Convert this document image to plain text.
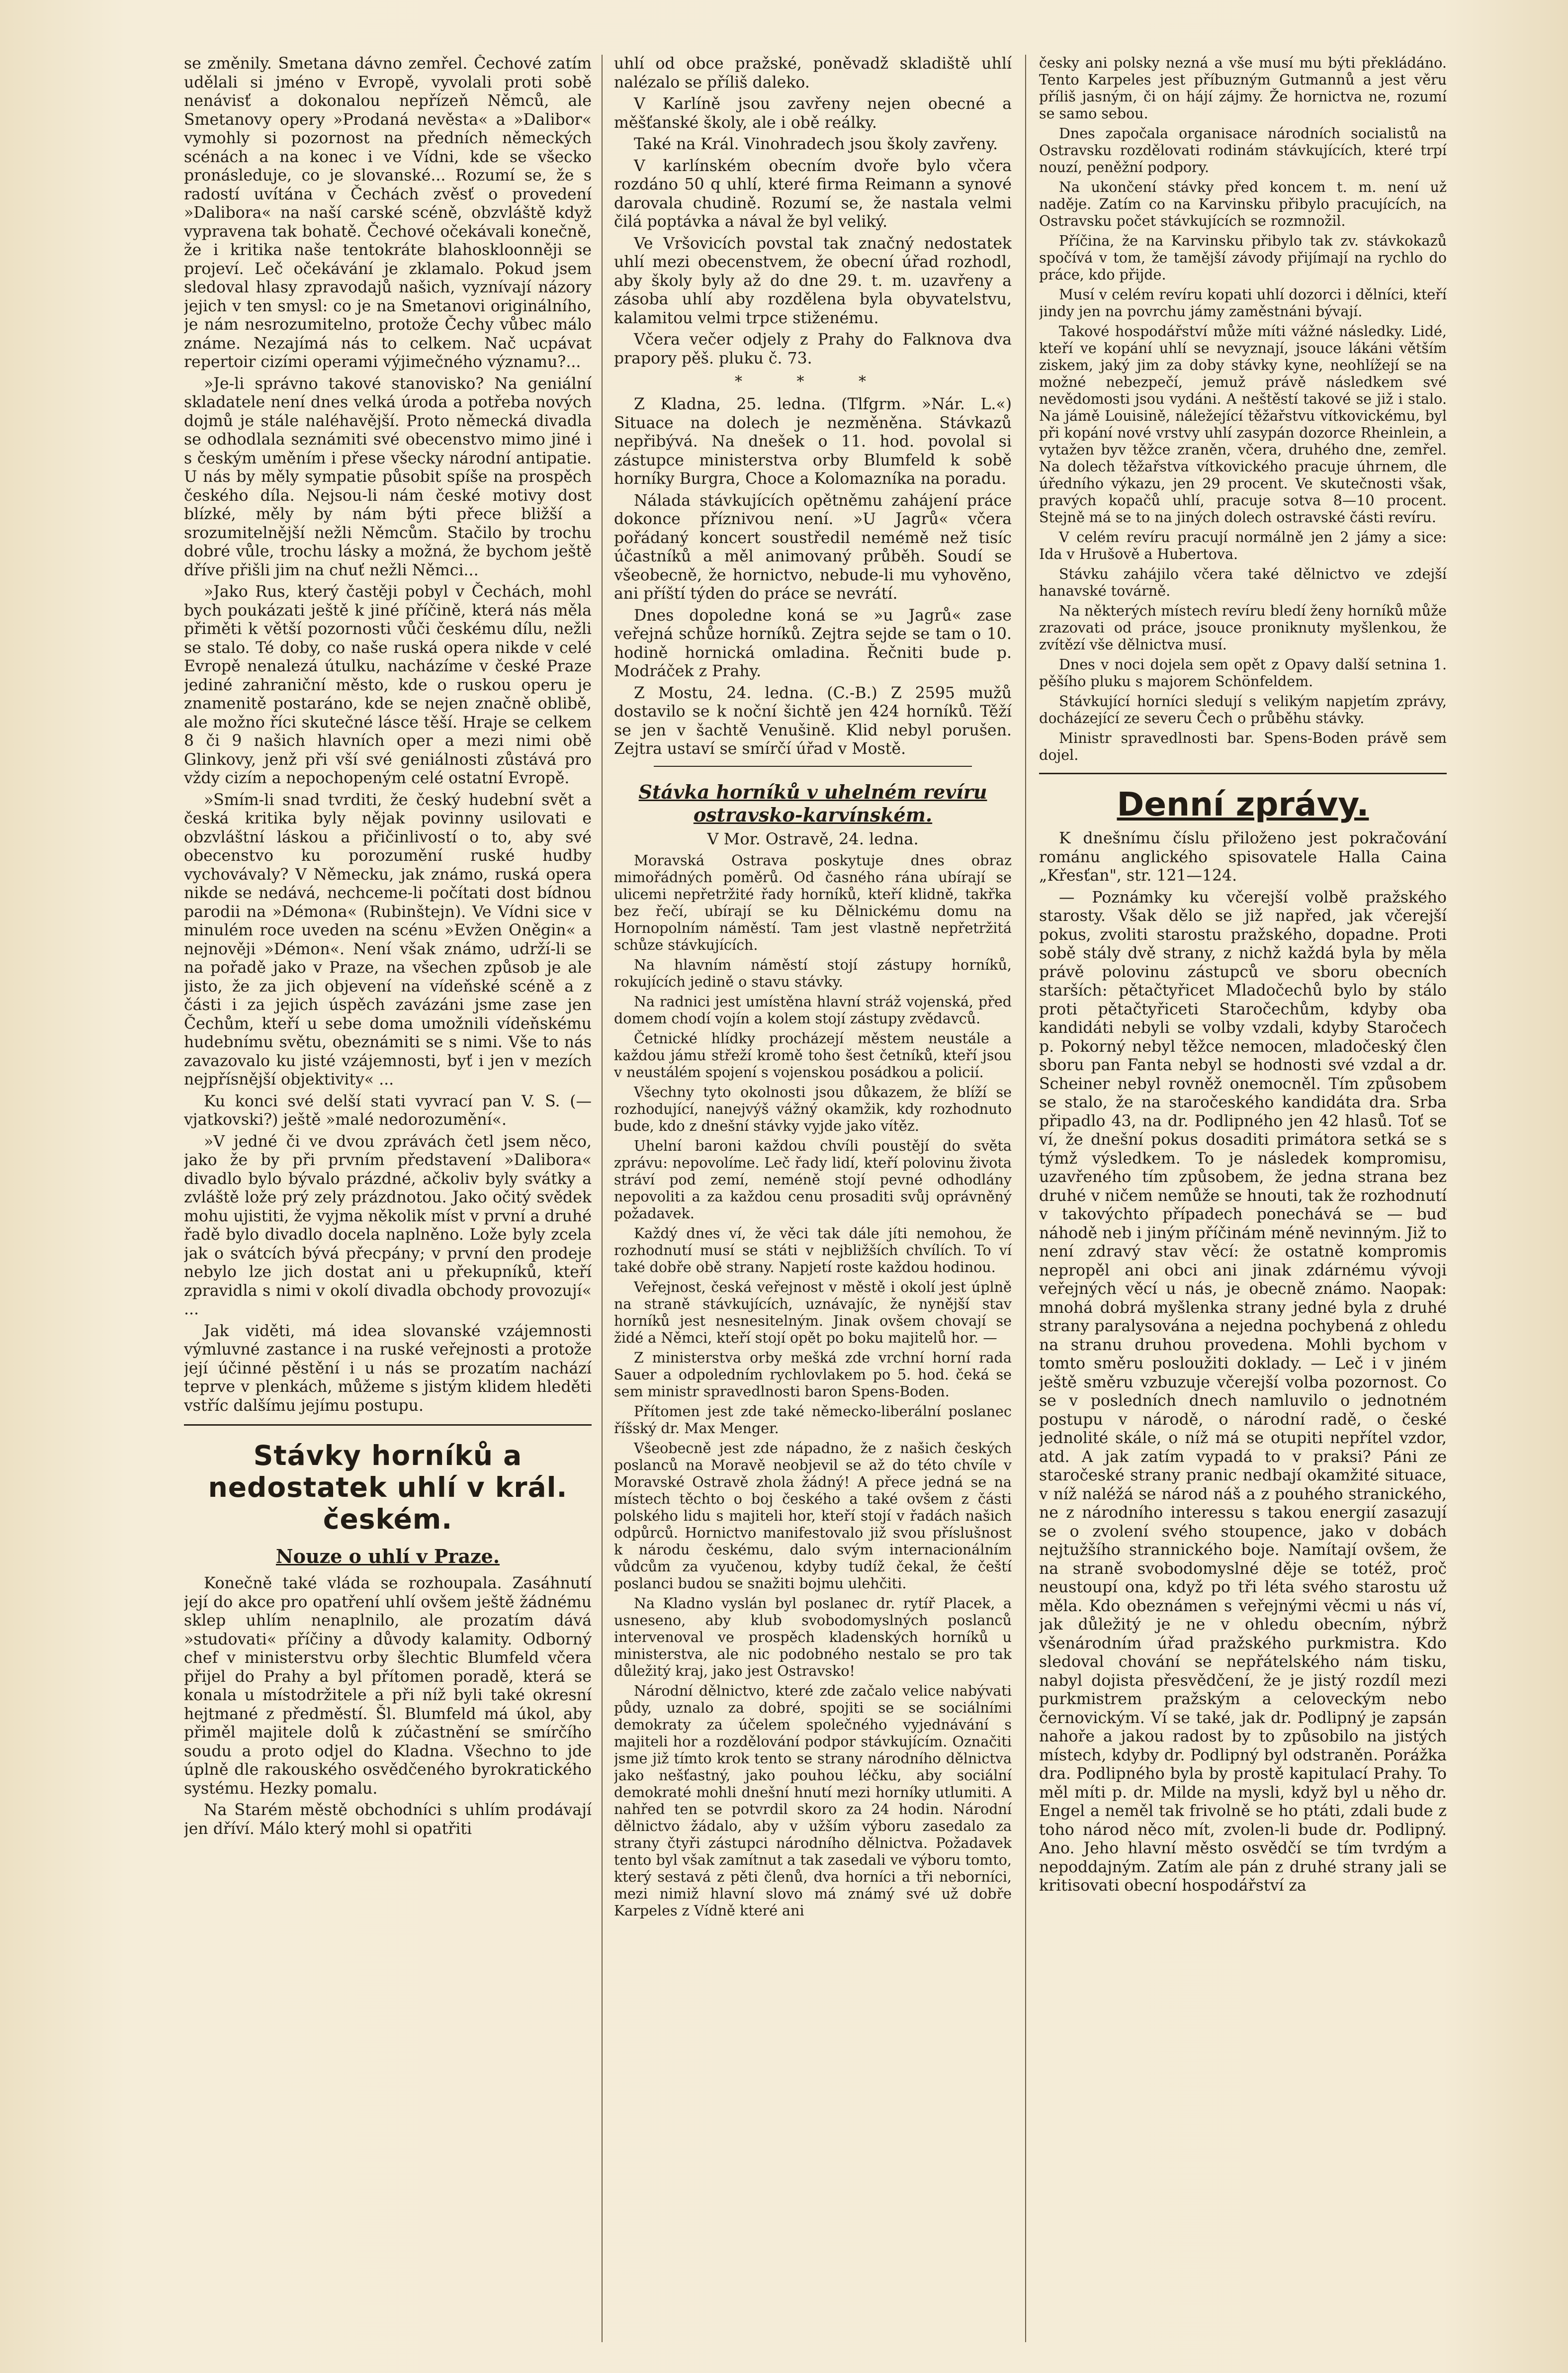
se změnily. Smetana dávno zemřel. Čechové zatím udělali si jméno v Evropě, vyvolali proti sobě nenávisť a dokonalou nepřízeň Němců, ale Smetanovy opery »Prodaná nevěsta« a »Dalibor« vymohly si pozornost na předních německých scénách a na konec i ve Vídni, kde se všecko pronásleduje, co je slovanské... Rozumí se, že s radostí uvítána v Čechách zvěsť o provedení »Dalibora« na naší carské scéně, obzvláště když vypravena tak bohatě. Čechové očekávali konečně, že i kritika naše tentokráte blahoskloonněji se projeví. Leč očekávání je zklamalo. Pokud jsem sledoval hlasy zpravodajů našich, vyznívají názory jejich v ten smysl: co je na Smetanovi originálního, je nám nesrozumitelno, protože Čechy vůbec málo známe. Nezajímá nás to celkem. Nač ucpávat repertoir cizími operami výjimečného významu?...

»Je-li správno takové stanovisko? Na geniální skladatele není dnes velká úroda a potřeba nových dojmů je stále naléhavější. Proto německá divadla se odhodlala seznámiti své obecenstvo mimo jiné i s českým uměním i přese všecky národní antipatie. U nás by měly sympatie působit spíše na prospěch českého díla. Nejsou-li nám české motivy dost blízké, měly by nám býti přece bližší a srozumitelnější nežli Němcům. Stačilo by trochu dobré vůle, trochu lásky a možná, že bychom ještě dříve přišli jim na chuť nežli Němci...

»Jako Rus, který častěji pobyl v Čechách, mohl bych poukázati ještě k jiné příčině, která nás měla přiměti k větší pozornosti vůči českému dílu, nežli se stalo. Té doby, co naše ruská opera nikde v celé Evropě nenalezá útulku, nacházíme v české Praze jediné zahraniční město, kde o ruskou operu je znamenitě postaráno, kde se nejen značně oblibě, ale možno říci skutečné lásce těší. Hraje se celkem 8 či 9 našich hlavních oper a mezi nimi obě Glinkovy, jenž při vší své geniálnosti zůstává pro vždy cizím a nepochopeným celé ostatní Evropě.

»Smím-li snad tvrditi, že český hudební svět a česká kritika byly nějak povinny usilovati e obzvláštní láskou a přičinlivostí o to, aby své obecenstvo ku porozumění ruské hudby vychovávaly? V Německu, jak známo, ruská opera nikde se nedává, nechceme-li počítati dost bídnou parodii na »Démona« (Rubinštejn). Ve Vídni sice v minulém roce uveden na scénu »Evžen Oněgin« a nejnověji »Démon«. Není však známo, udrží-li se na pořadě jako v Praze, na všechen způsob je ale jisto, že za jich objevení na vídeňské scéně a z části i za jejich úspěch zavázáni jsme zase jen Čechům, kteří u sebe doma umožnili vídeňskému hudebnímu světu, obeznámiti se s nimi. Vše to nás zavazovalo ku jisté vzájemnosti, byť i jen v mezích nejpřísnější objektivity« ...

Ku konci své delší stati vyvrací pan V. S. (—vjatkovski?) ještě »malé nedorozumění«.

»V jedné či ve dvou zprávách četl jsem něco, jako že by při prvním představení »Dalibora« divadlo bylo bývalo prázdné, ačkoliv byly svátky a zvláště lože prý zely prázdnotou. Jako očitý svědek mohu ujistiti, že vyjma několik míst v první a druhé řadě bylo divadlo docela naplněno. Lože byly zcela jak o svátcích bývá přecpány; v první den prodeje nebylo lze jich dostat ani u překupníků, kteří zpravidla s nimi v okolí divadla obchody provozují« ...

Jak viděti, má idea slovanské vzájemnosti výmluvné zastance i na ruské veřejnosti a protože její účinné pěstění i u nás se prozatím nachází teprve v plenkách, můžeme s jistým klidem hleděti vstříc dalšímu jejímu postupu.

Stávky horníků a nedostatek uhlí v král. českém.
Nouze o uhlí v Praze.

Konečně také vláda se rozhoupala. Zasáhnutí její do akce pro opatření uhlí ovšem ještě žádnému sklep uhlím nenaplnilo, ale prozatím dává »studovati« příčiny a důvody kalamity. Odborný chef v ministerstvu orby šlechtic Blumfeld včera přijel do Prahy a byl přítomen poradě, která se konala u místodržitele a při níž byli také okresní hejtmané z předměstí. Šl. Blumfeld má úkol, aby přiměl majitele dolů k zúčastnění se smírčího soudu a proto odjel do Kladna. Všechno to jde úplně dle rakouského osvědčeného byrokratického systému. Hezky pomalu.

Na Starém městě obchodníci s uhlím prodávají jen dříví. Málo který mohl si opatřiti

uhlí od obce pražské, poněvadž skladiště uhlí nalézalo se příliš daleko.

V Karlíně jsou zavřeny nejen obecné a měšťanské školy, ale i obě reálky.

Také na Král. Vinohradech jsou školy zavřeny.

V karlínském obecním dvoře bylo včera rozdáno 50 q uhlí, které firma Reimann a synové darovala chudině. Rozumí se, že nastala velmi čilá poptávka a nával že byl veliký.

Ve Vršovicích povstal tak značný nedostatek uhlí mezi obecenstvem, že obecní úřad rozhodl, aby školy byly až do dne 29. t. m. uzavřeny a zásoba uhlí aby rozdělena byla obyvatelstvu, kalamitou velmi trpce stiženému.

Včera večer odjely z Prahy do Falknova dva prapory pěš. pluku č. 73.

* * *

Z Kladna, 25. ledna. (Tlfgrm. »Nár. L.«) Situace na dolech je nezměněna. Stávkazů nepřibývá. Na dnešek o 11. hod. povolal si zástupce ministerstva orby Blumfeld k sobě horníky Burgra, Choce a Kolomazníka na poradu.

Nálada stávkujících opětněmu zahájení práce dokonce příznivou není. »U Jagrů« včera pořádaný koncert soustředil nemémě než tisíc účastníků a měl animovaný průběh. Soudí se všeobecně, že hornictvo, nebude-li mu vyhověno, ani příští týden do práce se nevrátí.

Dnes dopoledne koná se »u Jagrů« zase veřejná schůze horníků. Zejtra sejde se tam o 10. hodině hornická omladina. Řečniti bude p. Modráček z Prahy.

Z Mostu, 24. ledna. (C.-B.) Z 2595 mužů dostavilo se k noční šichtě jen 424 horníků. Těží se jen v šachtě Venušině. Klid nebyl porušen. Zejtra ustaví se smírčí úřad v Mostě.

Stávka horníků v uhelném revíru ostravsko-karvínském.
V Mor. Ostravě, 24. ledna.

Moravská Ostrava poskytuje dnes obraz mimořádných poměrů. Od časného rána ubírají se ulicemi nepřetržité řady horníků, kteří klidně, takřka bez řečí, ubírají se ku Dělnickému domu na Hornopolním náměstí. Tam jest vlastně nepřetržitá schůze stávkujících.

Na hlavním náměstí stojí zástupy horníků, rokujících jedině o stavu stávky.

Na radnici jest umístěna hlavní stráž vojenská, před domem chodí vojín a kolem stojí zástupy zvědavců.

Četnické hlídky procházejí městem neustále a každou jámu střeží kromě toho šest četníků, kteří jsou v neustálém spojení s vojenskou posádkou a policií.

Všechny tyto okolnosti jsou důkazem, že blíží se rozhodující, nanejvýš vážný okamžik, kdy rozhodnuto bude, kdo z dnešní stávky vyjde jako vítěz.

Uhelní baroni každou chvíli poustějí do světa zprávu: nepovolíme. Leč řady lidí, kteří polovinu života stráví pod zemí, neméně stojí pevné odhodlány nepovoliti a za každou cenu prosaditi svůj oprávněný požadavek.

Každý dnes ví, že věci tak dále jíti nemohou, že rozhodnutí musí se státi v nejbližších chvílích. To ví také dobře obě strany. Napjetí roste každou hodinou.

Veřejnost, česká veřejnost v městě i okolí jest úplně na straně stávkujících, uznávajíc, že nynější stav horníků jest nesnesitelným. Jinak ovšem chovají se židé a Němci, kteří stojí opět po boku majitelů hor. —

Z ministerstva orby mešká zde vrchní horní rada Sauer a odpoledním rychlovlakem po 5. hod. čeká se sem ministr spravedlnosti baron Spens-Boden.

Přítomen jest zde také německo-liberální poslanec říšský dr. Max Menger.

Všeobecně jest zde nápadno, že z našich českých poslanců na Moravě neobjevil se až do této chvíle v Moravské Ostravě zhola žádný! A přece jedná se na místech těchto o boj českého a také ovšem z části polského lidu s majiteli hor, kteří stojí v řadách našich odpůrců. Hornictvo manifestovalo již svou příslušnost k národu českému, dalo svým internacionálním vůdcům za vyučenou, kdyby tudíž čekal, že čeští poslanci budou se snažiti bojmu ulehčiti.

Na Kladno vyslán byl poslanec dr. rytíř Placek, a usneseno, aby klub svobodomyslných poslanců intervenoval ve prospěch kladenských horníků u ministerstva, ale nic podobného nestalo se pro tak důležitý kraj, jako jest Ostravsko!

Národní dělnictvo, které zde začalo velice nabývati půdy, uznalo za dobré, spojiti se se sociálními demokraty za účelem společného vyjednávání s majiteli hor a rozdělování podpor stávkujícím. Označiti jsme již tímto krok tento se strany národního dělnictva jako nešťastný, jako pouhou léčku, aby sociální demokraté mohli dnešní hnutí mezi horníky utlumiti. A nahřed ten se potvrdil skoro za 24 hodin. Národní dělnictvo žádalo, aby v užším výboru zasedalo za strany čtyři zástupci národního dělnictva. Požadavek tento byl však zamítnut a tak zasedali ve výboru tomto, který sestavá z pěti členů, dva horníci a tři neborníci, mezi nimiž hlavní slovo má známý své už dobře Karpeles z Vídně které ani

česky ani polsky nezná a vše musí mu býti překládáno. Tento Karpeles jest příbuzným Gutmannů a jest věru příliš jasným, či on hájí zájmy. Že hornictva ne, rozumí se samo sebou.

Dnes započala organisace národních socialistů na Ostravsku rozdělovati rodinám stávkujících, které trpí nouzí, peněžní podpory.

Na ukončení stávky před koncem t. m. není už naděje. Zatím co na Karvinsku přibylo pracujících, na Ostravsku počet stávkujících se rozmnožil.

Příčina, že na Karvinsku přibylo tak zv. stávkokazů spočívá v tom, že tamější závody přijímají na rychlo do práce, kdo přijde.

Musí v celém revíru kopati uhlí dozorci i dělníci, kteří jindy jen na povrchu jámy zaměstnáni bývají.

Takové hospodářství může míti vážné následky. Lidé, kteří ve kopání uhlí se nevyznají, jsouce lákáni větším ziskem, jaký jim za doby stávky kyne, neohlížejí se na možné nebezpečí, jemuž právě následkem své nevědomosti jsou vydáni. A neštěstí takové se již i stalo. Na jámě Louisině, náležející těžařstvu vítkovickému, byl při kopání nové vrstvy uhlí zasypán dozorce Rheinlein, a vytažen byv těžce zraněn, včera, druhého dne, zemřel. Na dolech těžařstva vítkovického pracuje úhrnem, dle úředního výkazu, jen 29 procent. Ve skutečnosti však, pravých kopačů uhlí, pracuje sotva 8—10 procent. Stejně má se to na jiných dolech ostravské části revíru.

V celém revíru pracují normálně jen 2 jámy a sice: Ida v Hrušově a Hubertova.

Stávku zahájilo včera také dělnictvo ve zdejší hanavské továrně.

Na některých místech revíru bledí ženy horníků může zrazovati od práce, jsouce proniknuty myšlenkou, že zvítězí vše dělnictva musí.

Dnes v noci dojela sem opět z Opavy další setnina 1. pěšího pluku s majorem Schönfeldem.

Stávkující horníci sledují s velikým napjetím zprávy, docházející ze severu Čech o průběhu stávky.

Ministr spravedlnosti bar. Spens-Boden právě sem dojel.

Denní zprávy.

K dnešnímu číslu přiloženo jest pokračování románu anglického spisovatele Halla Caina „Křesťan", str. 121—124.

— Poznámky ku včerejší volbě pražského starosty. Však dělo se již napřed, jak včerejší pokus, zvoliti starostu pražského, dopadne. Proti sobě stály dvě strany, z nichž každá byla by měla právě polovinu zástupců ve sboru obecních starších: pětačtyřicet Mladočechů bylo by stálo proti pětačtyřiceti Staročechům, kdyby oba kandidáti nebyli se volby vzdali, kdyby Staročech p. Pokorný nebyl těžce nemocen, mladočeský člen sboru pan Fanta nebyl se hodnosti své vzdal a dr. Scheiner nebyl rovněž onemocněl. Tím způsobem se stalo, že na staročeského kandidáta dra. Srba připadlo 43, na dr. Podlipného jen 42 hlasů. Toť se ví, že dnešní pokus dosaditi primátora setká se s týmž výsledkem. To je následek kompromisu, uzavřeného tím způsobem, že jedna strana bez druhé v ničem nemůže se hnouti, tak že rozhodnutí v takovýchto případech ponechává se — buď náhodě neb i jiným příčinám méně nevinným. Již to není zdravý stav věcí: že ostatně kompromis nepropěl ani obci ani jinak zdárnému vývoji veřejných věcí u nás, je obecně známo. Naopak: mnohá dobrá myšlenka strany jedné byla z druhé strany paralysována a nejedna pochybená z ohledu na stranu druhou provedena. Mohli bychom v tomto směru posloužiti doklady. — Leč i v jiném ještě směru vzbuzuje včerejší volba pozornost. Co se v posledních dnech namluvilo o jednotném postupu v národě, o národní radě, o české jednolité skále, o níž má se otupiti nepřítel vzdor, atd. A jak zatím vypadá to v praksi? Páni ze staročeské strany pranic nedbají okamžité situace, v níž naléžá se národ náš a z pouhého stranického, ne z národního interessu s takou energií zasazují se o zvolení svého stoupence, jako v dobách nejtužšího strannického boje. Namítají ovšem, že na straně svobodomyslné děje se totéž, proč neustoupí ona, když po tři léta svého starostu už měla. Kdo obeznámen s veřejnými věcmi u nás ví, jak důležitý je ne v ohledu obecním, nýbrž všenárodním úřad pražského purkmistra. Kdo sledoval chování se nepřátelského nám tisku, nabyl dojista přesvědčení, že je jistý rozdíl mezi purkmistrem pražským a celoveckým nebo černovickým. Ví se také, jak dr. Podlipný je zapsán nahoře a jakou radost by to způsobilo na jistých místech, kdyby dr. Podlipný byl odstraněn. Porážka dra. Podlipného byla by prostě kapitulací Prahy. To měl míti p. dr. Milde na mysli, když byl u něho dr. Engel a neměl tak frivolně se ho ptáti, zdali bude z toho národ něco mít, zvolen-li bude dr. Podlipný. Ano. Jeho hlavní město osvědčí se tím tvrdým a nepoddajným. Zatím ale pán z druhé strany jali se kritisovati obecní hospodářství za
